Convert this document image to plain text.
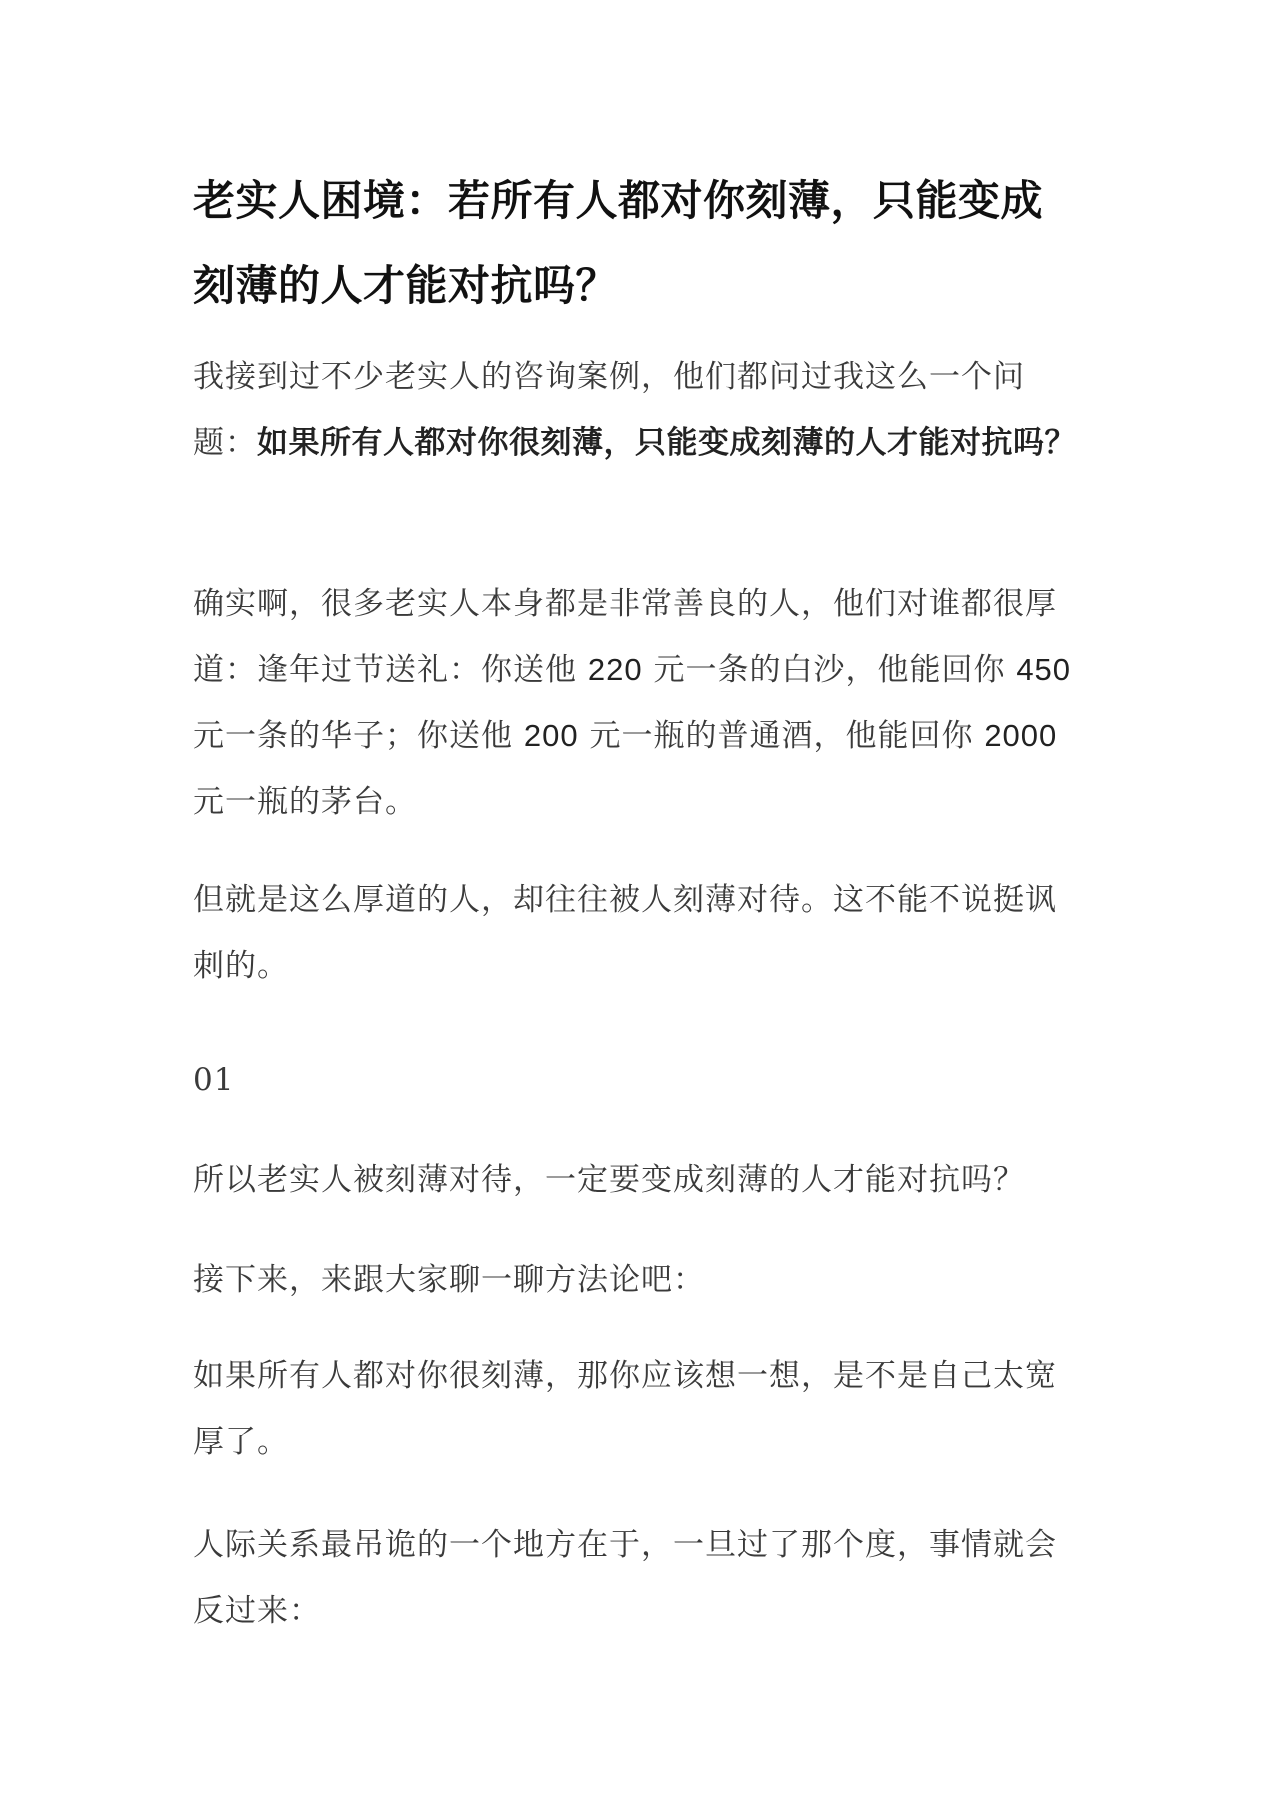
老实人困境：若所有人都对你刻薄，只能变成刻薄的人才能对抗吗？

我接到过不少老实人的咨询案例，他们都问过我这么一个问题：如果所有人都对你很刻薄，只能变成刻薄的人才能对抗吗？

确实啊，很多老实人本身都是非常善良的人，他们对谁都很厚道：逢年过节送礼：你送他 220 元一条的白沙，他能回你 450 元一条的华子；你送他 200 元一瓶的普通酒，他能回你 2000 元一瓶的茅台。

但就是这么厚道的人，却往往被人刻薄对待。这不能不说挺讽刺的。

01

所以老实人被刻薄对待，一定要变成刻薄的人才能对抗吗？

接下来，来跟大家聊一聊方法论吧：

如果所有人都对你很刻薄，那你应该想一想，是不是自己太宽厚了。

人际关系最吊诡的一个地方在于，一旦过了那个度，事情就会反过来：
